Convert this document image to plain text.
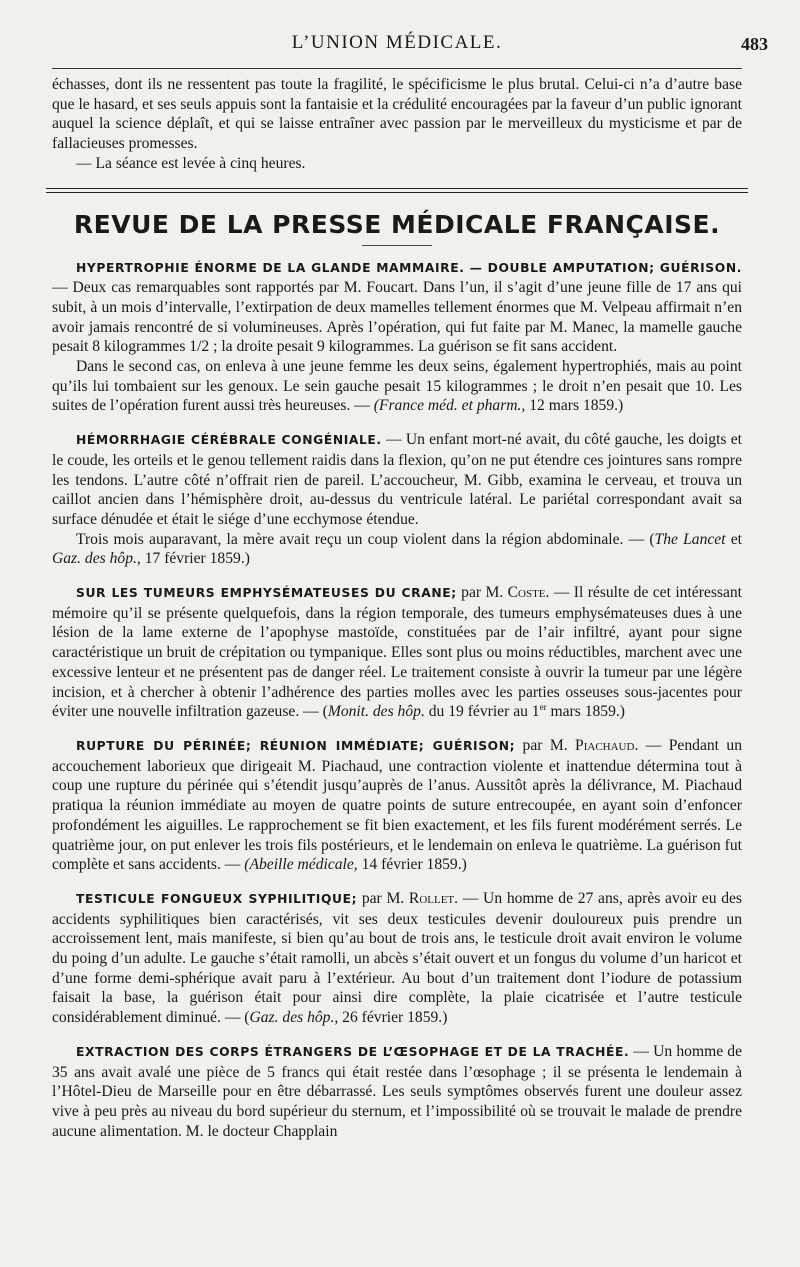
L’UNION MÉDICALE.	483

échasses, dont ils ne ressentent pas toute la fragilité, le spécificisme le plus brutal. Celui-ci n’a d’autre base que le hasard, et ses seuls appuis sont la fantaisie et la crédulité encouragées par la faveur d’un public ignorant auquel la science déplaît, et qui se laisse entraîner avec passion par le merveilleux du mysticisme et par de fallacieuses promesses.

— La séance est levée à cinq heures.

REVUE DE LA PRESSE MÉDICALE FRANÇAISE.

HYPERTROPHIE ÉNORME DE LA GLANDE MAMMAIRE. — DOUBLE AMPUTATION; GUÉRISON. — Deux cas remarquables sont rapportés par M. Foucart. Dans l’un, il s’agit d’une jeune fille de 17 ans qui subit, à un mois d’intervalle, l’extirpation de deux mamelles tellement énormes que M. Velpeau affirmait n’en avoir jamais rencontré de si volumineuses. Après l’opération, qui fut faite par M. Manec, la mamelle gauche pesait 8 kilogrammes 1/2 ; la droite pesait 9 kilogrammes. La guérison se fit sans accident.

Dans le second cas, on enleva à une jeune femme les deux seins, également hypertrophiés, mais au point qu’ils lui tombaient sur les genoux. Le sein gauche pesait 15 kilogrammes ; le droit n’en pesait que 10. Les suites de l’opération furent aussi très heureuses. — (France méd. et pharm., 12 mars 1859.)

HÉMORRHAGIE CÉRÉBRALE CONGÉNIALE. — Un enfant mort-né avait, du côté gauche, les doigts et le coude, les orteils et le genou tellement raidis dans la flexion, qu’on ne put étendre ces jointures sans rompre les tendons. L’autre côté n’offrait rien de pareil. L’accoucheur, M. Gibb, examina le cerveau, et trouva un caillot ancien dans l’hémisphère droit, au-dessus du ventricule latéral. Le pariétal correspondant avait sa surface dénudée et était le siége d’une ecchymose étendue.

Trois mois auparavant, la mère avait reçu un coup violent dans la région abdominale. — (The Lancet et Gaz. des hôp., 17 février 1859.)

SUR LES TUMEURS EMPHYSÉMATEUSES DU CRANE; par M. Coste. — Il résulte de cet intéressant mémoire qu’il se présente quelquefois, dans la région temporale, des tumeurs emphysémateuses dues à une lésion de la lame externe de l’apophyse mastoïde, constituées par de l’air infiltré, ayant pour signe caractéristique un bruit de crépitation ou tympanique. Elles sont plus ou moins réductibles, marchent avec une excessive lenteur et ne présentent pas de danger réel. Le traitement consiste à ouvrir la tumeur par une légère incision, et à chercher à obtenir l’adhérence des parties molles avec les parties osseuses sous-jacentes pour éviter une nouvelle infiltration gazeuse. — (Monit. des hôp. du 19 février au 1er mars 1859.)

RUPTURE DU PÉRINÉE; RÉUNION IMMÉDIATE; GUÉRISON; par M. Piachaud. — Pendant un accouchement laborieux que dirigeait M. Piachaud, une contraction violente et inattendue détermina tout à coup une rupture du périnée qui s’étendit jusqu’auprès de l’anus. Aussitôt après la délivrance, M. Piachaud pratiqua la réunion immédiate au moyen de quatre points de suture entrecoupée, en ayant soin d’enfoncer profondément les aiguilles. Le rapprochement se fit bien exactement, et les fils furent modérément serrés. Le quatrième jour, on put enlever les trois fils postérieurs, et le lendemain on enleva le quatrième. La guérison fut complète et sans accidents. — (Abeille médicale, 14 février 1859.)

TESTICULE FONGUEUX SYPHILITIQUE; par M. Rollet. — Un homme de 27 ans, après avoir eu des accidents syphilitiques bien caractérisés, vit ses deux testicules devenir douloureux puis prendre un accroissement lent, mais manifeste, si bien qu’au bout de trois ans, le testicule droit avait environ le volume du poing d’un adulte. Le gauche s’était ramolli, un abcès s’était ouvert et un fongus du volume d’un haricot et d’une forme demi-sphérique avait paru à l’extérieur. Au bout d’un traitement dont l’iodure de potassium faisait la base, la guérison était pour ainsi dire complète, la plaie cicatrisée et l’autre testicule considérablement diminué. — (Gaz. des hôp., 26 février 1859.)

EXTRACTION DES CORPS ÉTRANGERS DE L’ŒSOPHAGE ET DE LA TRACHÉE. — Un homme de 35 ans avait avalé une pièce de 5 francs qui était restée dans l’œsophage ; il se présenta le lendemain à l’Hôtel-Dieu de Marseille pour en être débarrassé. Les seuls symptômes observés furent une douleur assez vive à peu près au niveau du bord supérieur du sternum, et l’impossibilité où se trouvait le malade de prendre aucune alimentation. M. le docteur Chapplain
